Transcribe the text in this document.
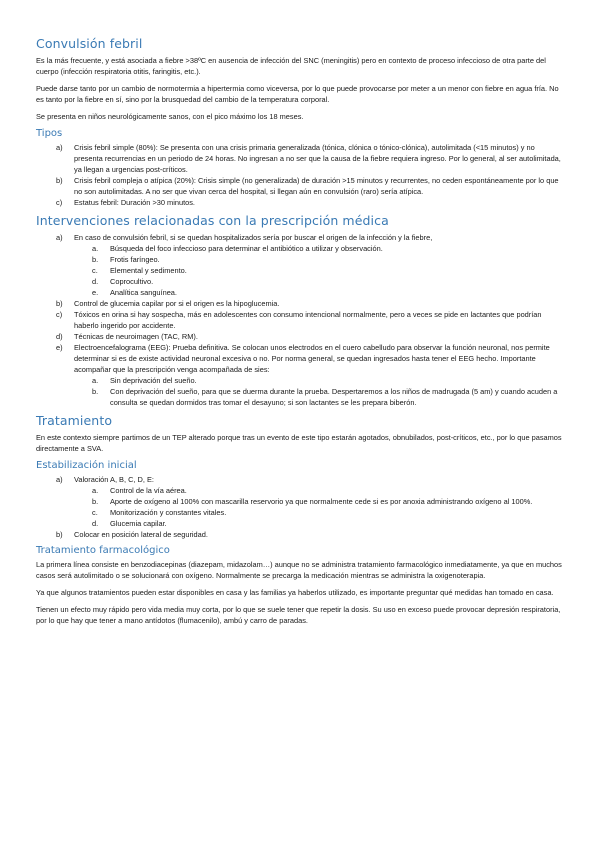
Convulsión febril

Es la más frecuente, y está asociada a fiebre >38ºC en ausencia de infección del SNC (meningitis) pero en contexto de proceso infeccioso de otra parte del cuerpo (infección respiratoria otitis, faringitis, etc.).

Puede darse tanto por un cambio de normotermia a hipertermia como viceversa, por lo que puede provocarse por meter a un menor con fiebre en agua fría. No es tanto por la fiebre en sí, sino por la brusquedad del cambio de la temperatura corporal.

Se presenta en niños neurológicamente sanos, con el pico máximo los 18 meses.

Tipos
a)	Crisis febril simple (80%): Se presenta con una crisis primaria generalizada (tónica, clónica o tónico-clónica), autolimitada (<15 minutos) y no presenta recurrencias en un periodo de 24 horas. No ingresan a no ser que la causa de la fiebre requiera ingreso. Por lo general, al ser autolimitada, ya llegan a urgencias post-críticos.
b)	Crisis febril compleja o atípica (20%): Crisis simple (no generalizada) de duración >15 minutos y recurrentes, no ceden espontáneamente por lo que no son autolimitadas. A no ser que vivan cerca del hospital, si llegan aún en convulsión (raro) sería atípica.
c)	Estatus febril: Duración >30 minutos.
Intervenciones relacionadas con la prescripción médica
a)	En caso de convulsión febril, si se quedan hospitalizados sería por buscar el origen de la infección y la fiebre,
a.	Búsqueda del foco infeccioso para determinar el antibiótico a utilizar y observación.
b.	Frotis faríngeo.
c.	Elemental y sedimento.
d.	Coprocultivo.
e.	Analítica sanguínea.
b)	Control de glucemia capilar por si el origen es la hipoglucemia.
c)	Tóxicos en orina si hay sospecha, más en adolescentes con consumo intencional normalmente, pero a veces se pide en lactantes que podrían haberlo ingerido por accidente.
d)	Técnicas de neuroimagen (TAC, RM).
e)	Electroencefalograma (EEG): Prueba definitiva. Se colocan unos electrodos en el cuero cabelludo para observar la función neuronal, nos permite determinar si es de existe actividad neuronal excesiva o no. Por norma general, se quedan ingresados hasta tener el EEG hecho. Importante acompañar que la prescripción venga acompañada de sies:
a.	Sin deprivación del sueño.
b.	Con deprivación del sueño, para que se duerma durante la prueba. Despertaremos a los niños de madrugada (5 am) y cuando acuden a consulta se quedan dormidos tras tomar el desayuno; si son lactantes se les prepara biberón.
Tratamiento

En este contexto siempre partimos de un TEP alterado porque tras un evento de este tipo estarán agotados, obnubilados, post-críticos, etc., por lo que pasamos directamente a SVA.

Estabilización inicial
a)	Valoración A, B, C, D, E:
a.	Control de la vía aérea.
b.	Aporte de oxígeno al 100% con mascarilla reservorio ya que normalmente cede si es por anoxia administrando oxígeno al 100%.
c.	Monitorización y constantes vitales.
d.	Glucemia capilar.
b)	Colocar en posición lateral de seguridad.
Tratamiento farmacológico

La primera línea consiste en benzodiacepinas (diazepam, midazolam…) aunque no se administra tratamiento farmacológico inmediatamente, ya que en muchos casos será autolimitado o se solucionará con oxígeno. Normalmente se precarga la medicación mientras se administra la oxigenoterapia.

Ya que algunos tratamientos pueden estar disponibles en casa y las familias ya haberlos utilizado, es importante preguntar qué medidas han tomado en casa.

Tienen un efecto muy rápido pero vida media muy corta, por lo que se suele tener que repetir la dosis. Su uso en exceso puede provocar depresión respiratoria, por lo que hay que tener a mano antídotos (flumacenilo), ambú y carro de paradas.
